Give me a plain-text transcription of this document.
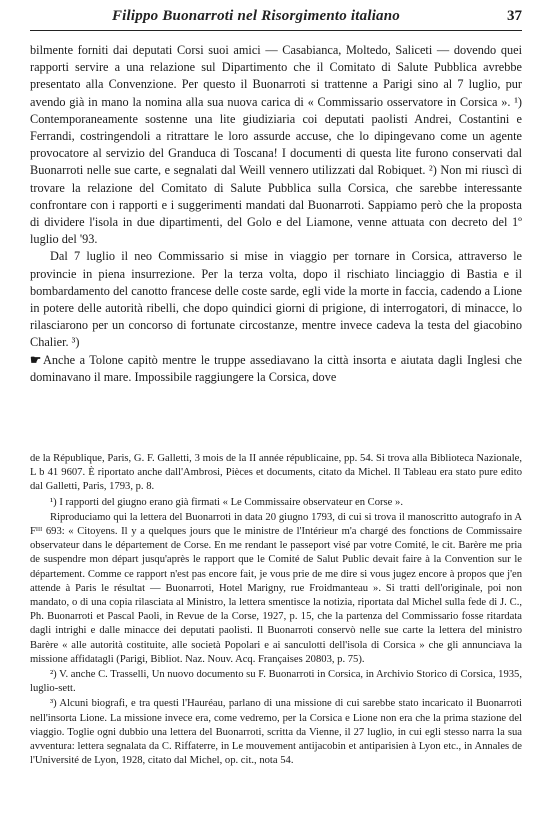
Filippo Buonarroti nel Risorgimento italiano	37

bilmente forniti dai deputati Corsi suoi amici — Casabianca, Moltedo, Saliceti — dovendo quei rapporti servire a una relazione sul Dipartimento che il Comitato di Salute Pubblica avrebbe presentato alla Convenzione. Per questo il Buonarroti si trattenne a Parigi sino al 7 luglio, pur avendo già in mano la nomina alla sua nuova carica di « Commissario osservatore in Corsica ». ¹) Contemporaneamente sostenne una lite giudiziaria coi deputati paolisti Andrei, Costantini e Ferrandi, costringendoli a ritrattare le loro assurde accuse, che lo dipingevano come un agente provocatore al servizio del Granduca di Toscana! I documenti di questa lite furono conservati dal Buonarroti nelle sue carte, e segnalati dal Weill vennero utilizzati dal Robiquet. ²) Non mi riuscì di trovare la relazione del Comitato di Salute Pubblica sulla Corsica, che sarebbe interessante confrontare con i rapporti e i suggerimenti mandati dal Buonarroti. Sappiamo però che la proposta di dividere l'isola in due dipartimenti, del Golo e del Liamone, venne attuata con decreto del 1º luglio del '93.

Dal 7 luglio il neo Commissario si mise in viaggio per tornare in Corsica, attraverso le provincie in piena insurrezione. Per la terza volta, dopo il rischiato linciaggio di Bastia e il bombardamento del canotto francese delle coste sarde, egli vide la morte in faccia, cadendo a Lione in potere delle autorità ribelli, che dopo quindici giorni di prigione, di interrogatori, di minacce, lo rilasciarono per un concorso di fortunate circostanze, mentre invece cadeva la testa del giacobino Chalier. ³)

☛ Anche a Tolone capitò mentre le truppe assediavano la città insorta e aiutata dagli Inglesi che dominavano il mare. Impossibile raggiungere la Corsica, dove

de la République, Paris, G. F. Galletti, 3 mois de la II année républicaine, pp. 54. Si trova alla Biblioteca Nazionale, L b 41 9607. È riportato anche dall'Ambrosi, Pièces et documents, citato da Michel. Il Tableau era stato pure edito dal Galletti, Paris, 1793, p. 8.

¹) I rapporti del giugno erano già firmati « Le Commissaire observateur en Corse ».

Riproduciamo qui la lettera del Buonarroti in data 20 giugno 1793, di cui si trova il manoscritto autografo in A Fᴵᴵᴵ 693: « Citoyens. Il y a quelques jours que le ministre de l'Intérieur m'a chargé des fonctions de Commissaire observateur dans le département de Corse. En me rendant le passeport visé par votre Comité, le cit. Barère me pria de suspendre mon départ jusqu'après le rapport que le Comité de Salut Public devait faire à la Convention sur le département. Comme ce rapport n'est pas encore fait, je vous prie de me dire si vous jugez encore à propos que j'en attende à Paris le résultat — Buonarroti, Hotel Marigny, rue Froidmanteau ». Si tratti dell'originale, poi non mandato, o di una copia rilasciata al Ministro, la lettera smentisce la notizia, riportata dal Michel sulla fede di J. C., Ph. Buonarroti et Pascal Paoli, in Revue de la Corse, 1927, p. 15, che la partenza del Commissario fosse ritardata dagli intrighi e dalle minacce dei deputati paolisti. Il Buonarroti conservò nelle sue carte la lettera del ministro Barère « alle autorità costituite, alle società Popolari e ai sanculotti dell'isola di Corsica » che gli annunciava la missione affidatagli (Parigi, Bibliot. Naz. Nouv. Acq. Françaises 20803, p. 75).

²) V. anche C. Trasselli, Un nuovo documento su F. Buonarroti in Corsica, in Archivio Storico di Corsica, 1935, luglio-sett.

³) Alcuni biografi, e tra questi l'Hauréau, parlano di una missione di cui sarebbe stato incaricato il Buonarroti nell'insorta Lione. La missione invece era, come vedremo, per la Corsica e Lione non era che la prima stazione del viaggio. Toglie ogni dubbio una lettera del Buonarroti, scritta da Vienne, il 27 luglio, in cui egli stesso narra la sua avventura: lettera segnalata da C. Riffaterre, in Le mouvement antijacobin et antiparisien à Lyon etc., in Annales de l'Université de Lyon, 1928, citato dal Michel, op. cit., nota 54.
